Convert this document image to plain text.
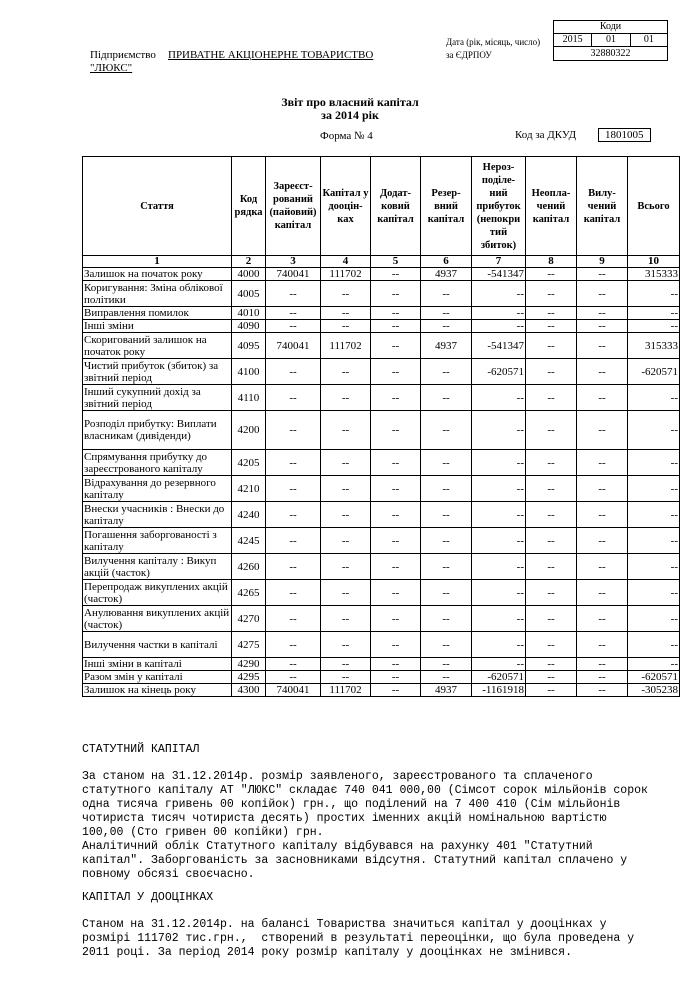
Коди
2015	01	01
32880322
Дата (рік, місяць, число)
за ЄДРПОУ
Підприємство ПРИВАТНЕ АКЦІОНЕРНЕ ТОВАРИСТВО
"ЛЮКС"
Звіт про власний капітал
за 2014 рік
Форма № 4	Код за ДКУД	1801005
Стаття	Код рядка	Зареєст-рований (пайовий) капітал	Капітал у дооцін-ках	Додат-ковий капітал	Резер-вний капітал	Нероз-поділе-ний прибуток (непокри тий збиток)	Неопла-чений капітал	Вилу-чений капітал	Всього
1	2	3	4	5	6	7	8	9	10
Залишок на початок року	4000	740041	111702	--	4937	-541347	--	--	315333
Коригування: Зміна облікової політики	4005	--	--	--	--	--	--	--	--
Виправлення помилок	4010	--	--	--	--	--	--	--	--
Інші зміни	4090	--	--	--	--	--	--	--	--
Скоригований залишок на початок року	4095	740041	111702	--	4937	-541347	--	--	315333
Чистий прибуток (збиток) за звітний період	4100	--	--	--	--	-620571	--	--	-620571
Інший сукупний дохід за звітний період	4110	--	--	--	--	--	--	--	--
Розподіл прибутку: Виплати власникам (дивіденди)	4200	--	--	--	--	--	--	--	--
Спрямування прибутку до зареєстрованого капіталу	4205	--	--	--	--	--	--	--	--
Відрахування до резервного капіталу	4210	--	--	--	--	--	--	--	--
Внески учасників : Внески до капіталу	4240	--	--	--	--	--	--	--	--
Погашення заборгованості з капіталу	4245	--	--	--	--	--	--	--	--
Вилучення капіталу : Викуп акцій (часток)	4260	--	--	--	--	--	--	--	--
Перепродаж викуплених акцій (часток)	4265	--	--	--	--	--	--	--	--
Анулювання викуплених акцій (часток)	4270	--	--	--	--	--	--	--	--
Вилучення частки в капіталі	4275	--	--	--	--	--	--	--	--
Інші зміни в капіталі	4290	--	--	--	--	--	--	--	--
Разом змін у капіталі	4295	--	--	--	--	-620571	--	--	-620571
Залишок на кінець року	4300	740041	111702	--	4937	-1161918	--	--	-305238
СТАТУТНИЙ КАПІТАЛ
За станом на 31.12.2014р. розмір заявленого, зареєстрованого та сплаченого
статутного капіталу АТ "ЛЮКС" складає 740 041 000,00 (Сімсот сорок мільйонів сорок
одна тисяча гривень 00 копійок) грн., що поділений на 7 400 410 (Сім мільйонів
чотириста тисяч чотириста десять) простих іменних акцій номінальною вартістю
100,00 (Сто гривен 00 копійки) грн.
Аналітичний облік Статутного капіталу відбувався на рахунку 401 "Статутний
капітал". Заборгованість за засновниками відсутня. Статутний капітал сплачено у
повному обсязі своєчасно.
КАПІТАЛ У ДООЦІНКАХ
Станом на 31.12.2014р. на балансі Товариства значиться капітал у дооцінках у
розмірі 111702 тис.грн.,  створений в результаті переоцінки, що була проведена у
2011 році. За період 2014 року розмір капіталу у дооцінках не змінився.
